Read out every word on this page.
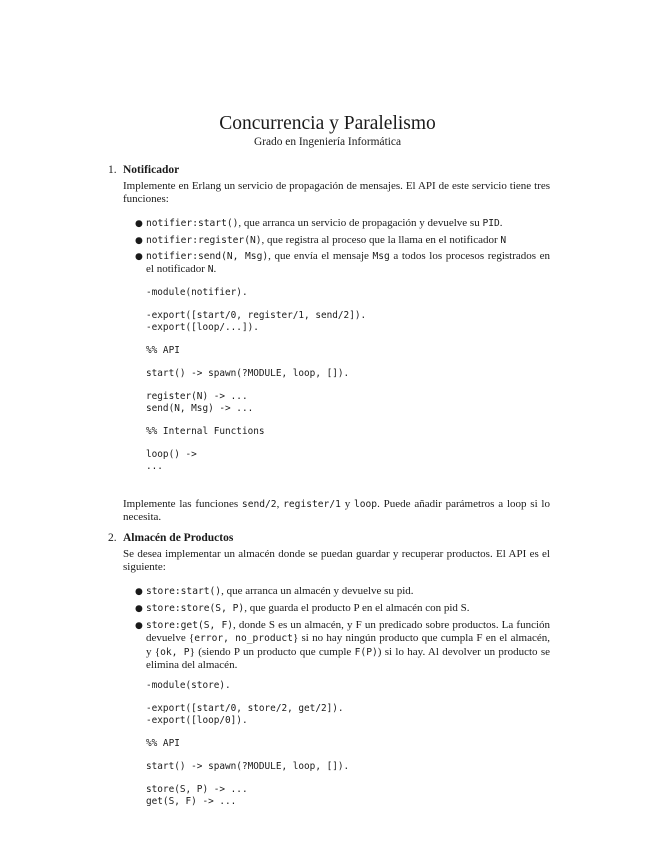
Concurrencia y Paralelismo
Grado en Ingeniería Informática
1. Notificador
Implemente en Erlang un servicio de propagación de mensajes. El API de este servicio tiene tres funciones:
● notifier:start(), que arranca un servicio de propagación y devuelve su PID.
● notifier:register(N), que registra al proceso que la llama en el notificador N
● notifier:send(N, Msg), que envía el mensaje Msg a todos los procesos registrados en el notificador N.
-module(notifier).

-export([start/0, register/1, send/2]).
-export([loop/...]).

%% API

start() -> spawn(?MODULE, loop, []).

register(N) -> ...
send(N, Msg) -> ...

%% Internal Functions

loop() ->
...
Implemente las funciones send/2, register/1 y loop. Puede añadir parámetros a loop si lo necesita.
2. Almacén de Productos
Se desea implementar un almacén donde se puedan guardar y recuperar productos. El API es el siguiente:
● store:start(), que arranca un almacén y devuelve su pid.
● store:store(S, P), que guarda el producto P en el almacén con pid S.
● store:get(S, F), donde S es un almacén, y F un predicado sobre productos. La función devuelve {error, no_product} si no hay ningún producto que cumpla F en el almacén, y {ok, P} (siendo P un producto que cumple F(P)) si lo hay. Al devolver un producto se elimina del almacén.
-module(store).

-export([start/0, store/2, get/2]).
-export([loop/0]).

%% API

start() -> spawn(?MODULE, loop, []).

store(S, P) -> ...
get(S, F) -> ...
